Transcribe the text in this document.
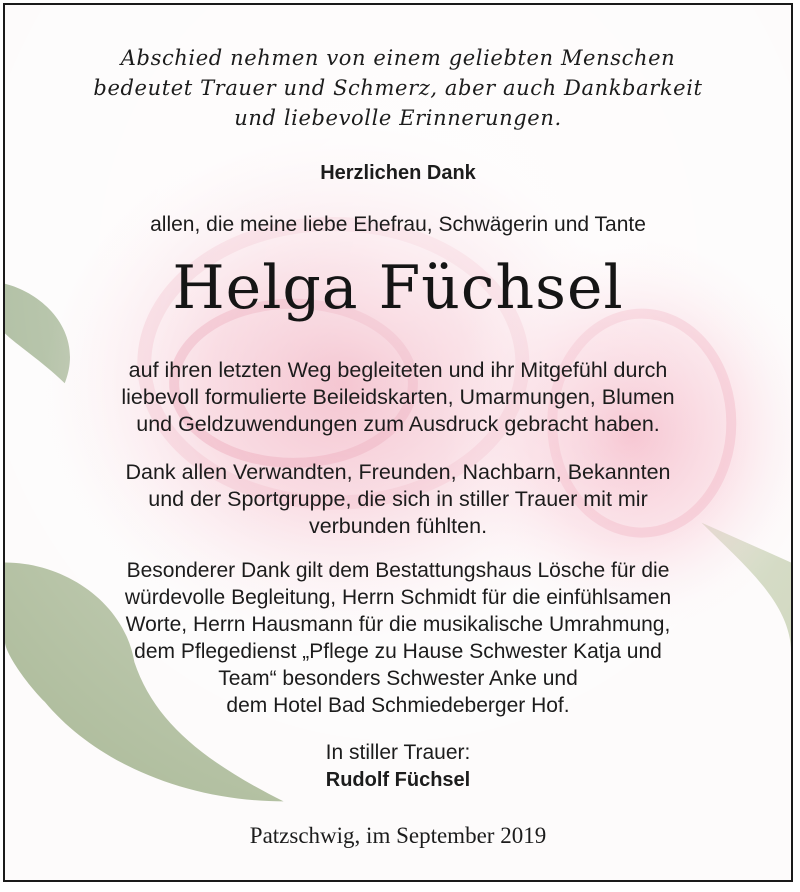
Abschied nehmen von einem geliebten Menschen
bedeutet Trauer und Schmerz, aber auch Dankbarkeit
und liebevolle Erinnerungen.
Herzlichen Dank
allen, die meine liebe Ehefrau, Schwägerin und Tante
Helga Füchsel
auf ihren letzten Weg begleiteten und ihr Mitgefühl durch
liebevoll formulierte Beileidskarten, Umarmungen, Blumen
und Geldzuwendungen zum Ausdruck gebracht haben.
Dank allen Verwandten, Freunden, Nachbarn, Bekannten
und der Sportgruppe, die sich in stiller Trauer mit mir
verbunden fühlten.
Besonderer Dank gilt dem Bestattungshaus Lösche für die
würdevolle Begleitung, Herrn Schmidt für die einfühlsamen
Worte, Herrn Hausmann für die musikalische Umrahmung,
dem Pflegedienst „Pflege zu Hause Schwester Katja und
Team“ besonders Schwester Anke und
dem Hotel Bad Schmiedeberger Hof.
In stiller Trauer:
Rudolf Füchsel
Patzschwig, im September 2019
